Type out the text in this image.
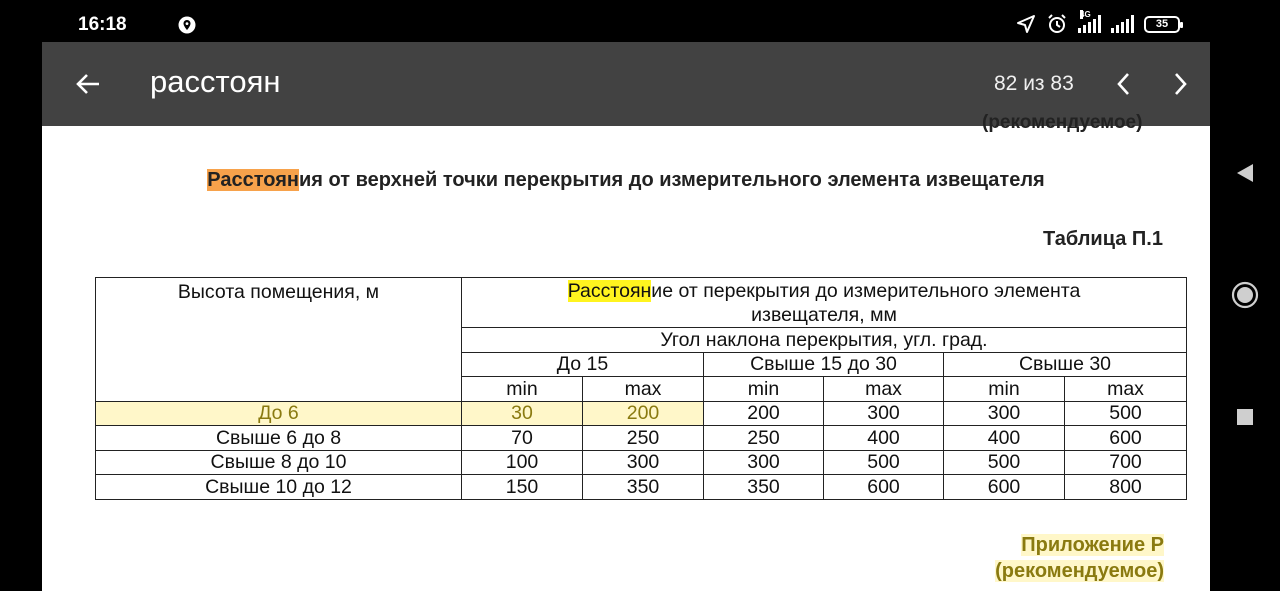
16:18	4G
35
расстоян	82 из 83
(рекомендуемое)
Расстояния от верхней точки перекрытия до измерительного элемента извещателя
Таблица П.1
Высота помещения, м	Расстояние от перекрытия до измерительного элемента извещателя, мм					
	Угол наклона перекрытия, угл. град.					
	До 15		Свыше 15 до 30		Свыше 30	
	min	max	min	max	min	max
До 6	30	200	200	300	300	500
Свыше 6 до 8	70	250	250	400	400	600
Свыше 8 до 10	100	300	300	500	500	700
Свыше 10 до 12	150	350	350	600	600	800
Приложение Р
(рекомендуемое)
